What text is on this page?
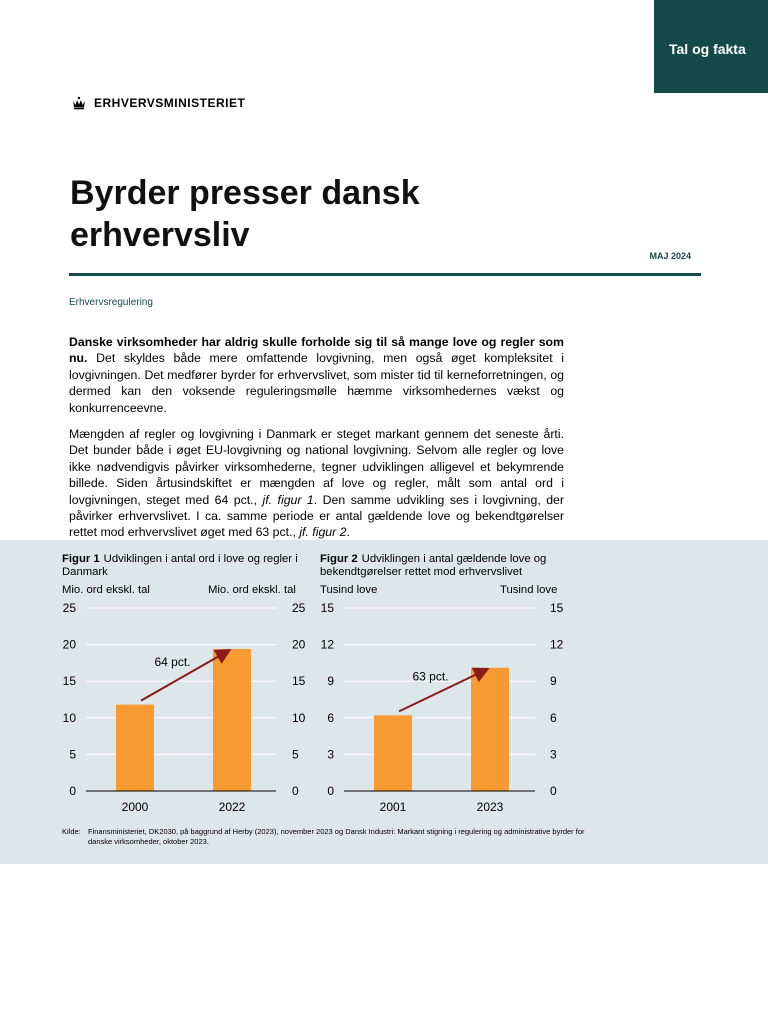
Tal og fakta
ERHVERVSMINISTERIET
Byrder presser dansk erhvervsliv
MAJ 2024
Erhvervsregulering

Danske virksomheder har aldrig skulle forholde sig til så mange love og regler som nu. Det skyldes både mere omfattende lovgivning, men også øget kompleksitet i lovgivningen. Det medfører byrder for erhvervslivet, som mister tid til kerneforretningen, og dermed kan den voksende reguleringsmølle hæmme virksomhedernes vækst og konkurrenceevne.

Mængden af regler og lovgivning i Danmark er steget markant gennem det seneste årti. Det bunder både i øget EU-lovgivning og national lovgivning. Selvom alle regler og love ikke nødvendigvis påvirker virksomhederne, tegner udviklingen alligevel et bekymrende billede. Siden årtusindskiftet er mængden af love og regler, målt som antal ord i lovgivningen, steget med 64 pct., jf. figur 1. Den samme udvikling ses i lovgivning, der påvirker erhvervslivet. I ca. samme periode er antal gældende love og bekendtgørelser rettet mod erhvervslivet øget med 63 pct., jf. figur 2.

Figur 1 Udviklingen i antal ord i love og regler i Danmark
Mio. ord ekskl. tal	Mio. ord ekskl. tal
0	0
5	5
10	10
15	15
20	20
25	25
2000	2022
64 pct.
Figur 2 Udviklingen i antal gældende love og bekendtgørelser rettet mod erhvervslivet
Tusind love	Tusind love
0	0
3	3
6	6
9	9
12	12
15	15
2001	2023
63 pct.
Kilde: Finansministeriet, DK2030, på baggrund af Herby (2023), november 2023 og Dansk Industri: Markant stigning i regulering og administrative byrder for danske virksomheder, oktober 2023.
